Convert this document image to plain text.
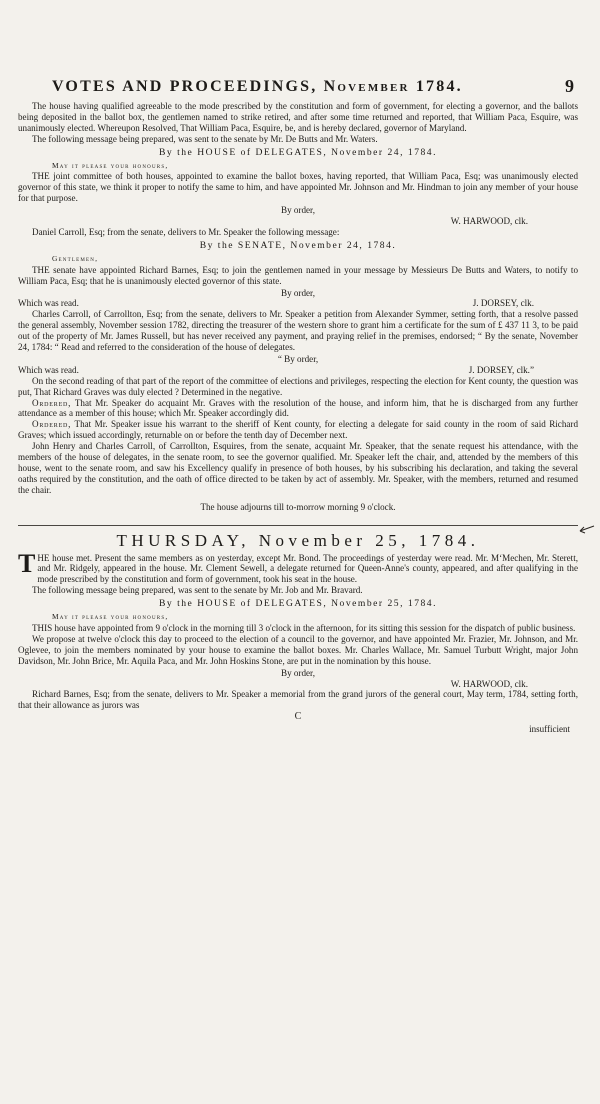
VOTES AND PROCEEDINGS, November 1784.	9

The house having qualified agreeable to the mode prescribed by the constitution and form of government, for electing a governor, and the ballots being deposited in the ballot box, the gentlemen named to strike retired, and after some time returned and reported, that William Paca, Esquire, was unanimously elected. Whereupon Resolved, That William Paca, Esquire, be, and is hereby declared, governor of Maryland.

The following message being prepared, was sent to the senate by Mr. De Butts and Mr. Waters.

By the HOUSE of DELEGATES, November 24, 1784.
May it please your honours,

THE joint committee of both houses, appointed to examine the ballot boxes, having reported, that William Paca, Esq; was unanimously elected governor of this state, we think it proper to notify the same to him, and have appointed Mr. Johnson and Mr. Hindman to join any member of your house for that purpose.

By order,
W. HARWOOD, clk.

Daniel Carroll, Esq; from the senate, delivers to Mr. Speaker the following message:

By the SENATE, November 24, 1784.
Gentlemen,

THE senate have appointed Richard Barnes, Esq; to join the gentlemen named in your message by Messieurs De Butts and Waters, to notify to William Paca, Esq; that he is unanimously elected governor of this state.

By order,
Which was read.	J. DORSEY, clk.

Charles Carroll, of Carrollton, Esq; from the senate, delivers to Mr. Speaker a petition from Alexander Symmer, setting forth, that a resolve passed the general assembly, November session 1782, directing the treasurer of the western shore to grant him a certificate for the sum of £ 437 11 3, to be paid out of the property of Mr. James Russell, but has never received any payment, and praying relief in the premises, endorsed; “ By the senate, November 24, 1784: “ Read and referred to the consideration of the house of delegates.

“ By order,
Which was read.	J. DORSEY, clk.”

On the second reading of that part of the report of the committee of elections and privileges, respecting the election for Kent county, the question was put, That Richard Graves was duly elected ? Determined in the negative.

Ordered, That Mr. Speaker do acquaint Mr. Graves with the resolution of the house, and inform him, that he is discharged from any further attendance as a member of this house; which Mr. Speaker accordingly did.

Ordered, That Mr. Speaker issue his warrant to the sheriff of Kent county, for electing a delegate for said county in the room of said Richard Graves; which issued accordingly, returnable on or before the tenth day of December next.

John Henry and Charles Carroll, of Carrollton, Esquires, from the senate, acquaint Mr. Speaker, that the senate request his attendance, with the members of the house of delegates, in the senate room, to see the governor qualified. Mr. Speaker left the chair, and, attended by the members of this house, went to the senate room, and saw his Excellency qualify in presence of both houses, by his subscribing his declaration, and taking the several oaths required by the constitution, and the oath of office directed to be taken by act of assembly. Mr. Speaker, with the members, returned and resumed the chair.

The house adjourns till to-morrow morning 9 o'clock.
THURSDAY, November 25, 1784.

THE house met. Present the same members as on yesterday, except Mr. Bond. The proceedings of yesterday were read. Mr. M‘Mechen, Mr. Sterett, and Mr. Ridgely, appeared in the house. Mr. Clement Sewell, a delegate returned for Queen-Anne's county, appeared, and after qualifying in the mode prescribed by the constitution and form of government, took his seat in the house.

The following message being prepared, was sent to the senate by Mr. Job and Mr. Bravard.

By the HOUSE of DELEGATES, November 25, 1784.
May it please your honours,

THIS house have appointed from 9 o'clock in the morning till 3 o'clock in the afternoon, for its sitting this session for the dispatch of public business.

We propose at twelve o'clock this day to proceed to the election of a council to the governor, and have appointed Mr. Frazier, Mr. Johnson, and Mr. Oglevee, to join the members nominated by your house to examine the ballot boxes. Mr. Charles Wallace, Mr. Samuel Turbutt Wright, major John Davidson, Mr. John Brice, Mr. Aquila Paca, and Mr. John Hoskins Stone, are put in the nomination by this house.

By order,
W. HARWOOD, clk.

Richard Barnes, Esq; from the senate, delivers to Mr. Speaker a memorial from the grand jurors of the general court, May term, 1784, setting forth, that their allowance as jurors was

C
insufficient
